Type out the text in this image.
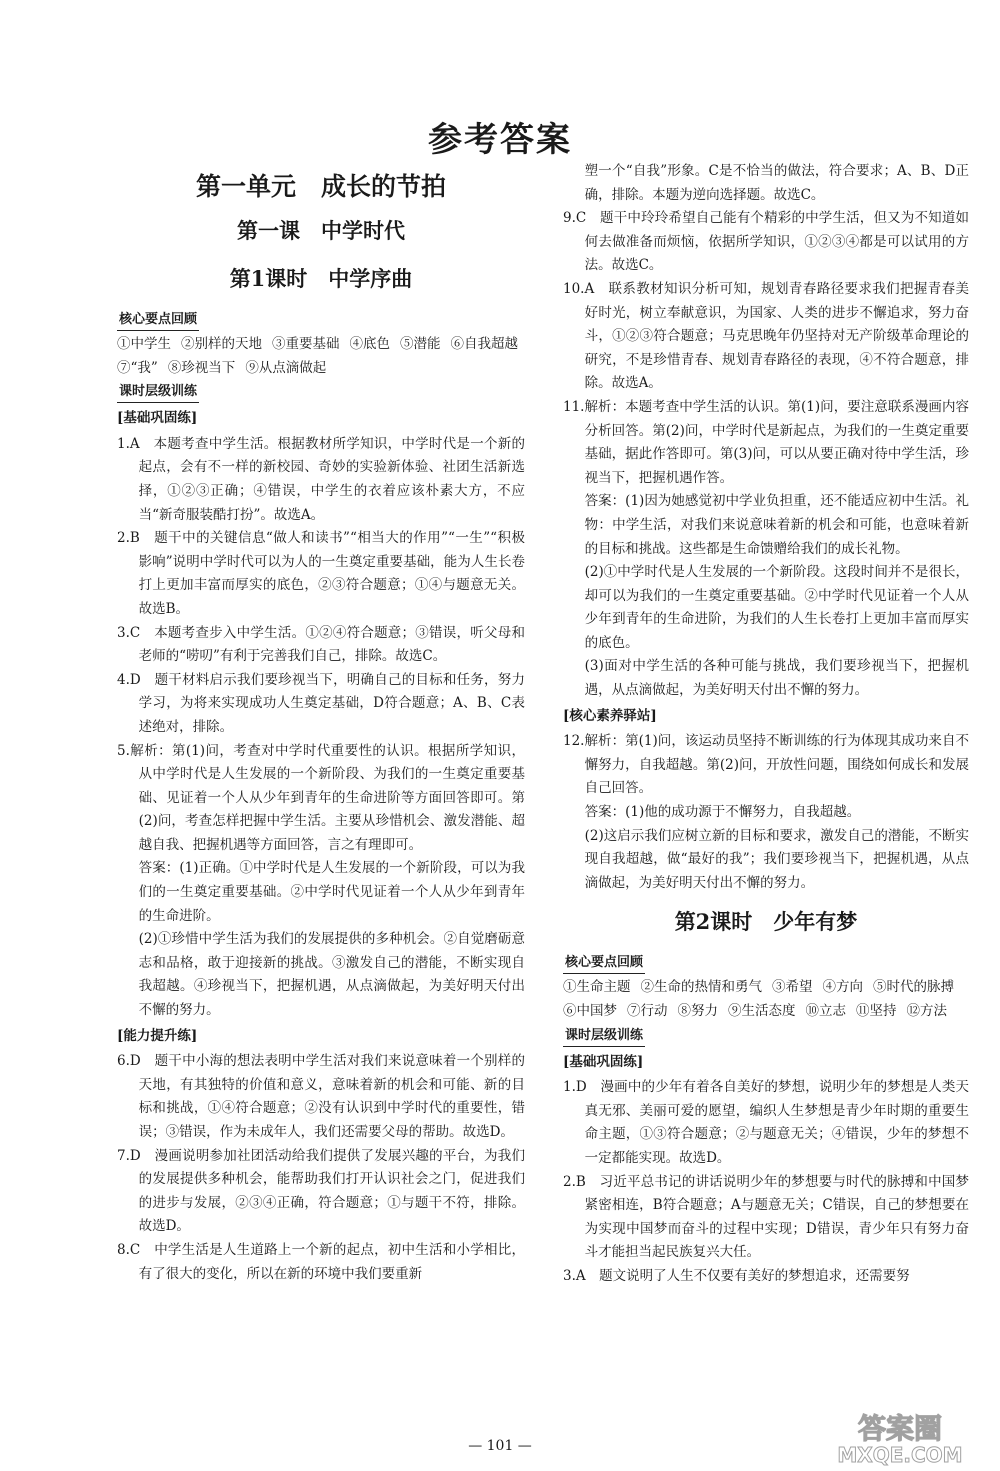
参考答案
第一单元　成长的节拍
第一课　中学时代
第1课时　中学序曲
核心要点回顾
①中学生 ②别样的天地 ③重要基础 ④底色 ⑤潜能 ⑥自我超越
⑦“我” ⑧珍视当下 ⑨从点滴做起
课时层级训练
[基础巩固练]

1.A　本题考查中学生活。根据教材所学知识，中学时代是一个新的起点，会有不一样的新校园、奇妙的实验新体验、社团生活新选择，①②③正确；④错误，中学生的衣着应该朴素大方，不应当“新奇服装酷打扮”。故选A。

2.B　题干中的关键信息“做人和读书”“相当大的作用”“一生”“积极影响”说明中学时代可以为人的一生奠定重要基础，能为人生长卷打上更加丰富而厚实的底色，②③符合题意；①④与题意无关。故选B。

3.C　本题考查步入中学生活。①②④符合题意；③错误，听父母和老师的“唠叨”有利于完善我们自己，排除。故选C。

4.D　题干材料启示我们要珍视当下，明确自己的目标和任务，努力学习，为将来实现成功人生奠定基础，D符合题意；A、B、C表述绝对，排除。

5.解析：第(1)问，考查对中学时代重要性的认识。根据所学知识，从中学时代是人生发展的一个新阶段、为我们的一生奠定重要基础、见证着一个人从少年到青年的生命进阶等方面回答即可。第(2)问，考查怎样把握中学生活。主要从珍惜机会、激发潜能、超越自我、把握机遇等方面回答，言之有理即可。

答案：(1)正确。①中学时代是人生发展的一个新阶段，可以为我们的一生奠定重要基础。②中学时代见证着一个人从少年到青年的生命进阶。

(2)①珍惜中学生活为我们的发展提供的多种机会。②自觉磨砺意志和品格，敢于迎接新的挑战。③激发自己的潜能，不断实现自我超越。④珍视当下，把握机遇，从点滴做起，为美好明天付出不懈的努力。

[能力提升练]

6.D　题干中小海的想法表明中学生活对我们来说意味着一个别样的天地，有其独特的价值和意义，意味着新的机会和可能、新的目标和挑战，①④符合题意；②没有认识到中学时代的重要性，错误；③错误，作为未成年人，我们还需要父母的帮助。故选D。

7.D　漫画说明参加社团活动给我们提供了发展兴趣的平台，为我们的发展提供多种机会，能帮助我们打开认识社会之门，促进我们的进步与发展，②③④正确，符合题意；①与题干不符，排除。故选D。

8.C　中学生活是人生道路上一个新的起点，初中生活和小学相比，有了很大的变化，所以在新的环境中我们要重新

塑一个“自我”形象。C是不恰当的做法，符合要求；A、B、D正确，排除。本题为逆向选择题。故选C。

9.C　题干中玲玲希望自己能有个精彩的中学生活，但又为不知道如何去做准备而烦恼，依据所学知识，①②③④都是可以试用的方法。故选C。

10.A　联系教材知识分析可知，规划青春路径要求我们把握青春美好时光，树立奉献意识，为国家、人类的进步不懈追求，努力奋斗，①②③符合题意；马克思晚年仍坚持对无产阶级革命理论的研究，不是珍惜青春、规划青春路径的表现，④不符合题意，排除。故选A。

11.解析：本题考查中学生活的认识。第(1)问，要注意联系漫画内容分析回答。第(2)问，中学时代是新起点，为我们的一生奠定重要基础，据此作答即可。第(3)问，可以从要正确对待中学生活，珍视当下，把握机遇作答。

答案：(1)因为她感觉初中学业负担重，还不能适应初中生活。礼物：中学生活，对我们来说意味着新的机会和可能，也意味着新的目标和挑战。这些都是生命馈赠给我们的成长礼物。

(2)①中学时代是人生发展的一个新阶段。这段时间并不是很长，却可以为我们的一生奠定重要基础。②中学时代见证着一个人从少年到青年的生命进阶，为我们的人生长卷打上更加丰富而厚实的底色。

(3)面对中学生活的各种可能与挑战，我们要珍视当下，把握机遇，从点滴做起，为美好明天付出不懈的努力。

[核心素养驿站]

12.解析：第(1)问，该运动员坚持不断训练的行为体现其成功来自不懈努力，自我超越。第(2)问，开放性问题，围绕如何成长和发展自己回答。

答案：(1)他的成功源于不懈努力，自我超越。

(2)这启示我们应树立新的目标和要求，激发自己的潜能，不断实现自我超越，做“最好的我”；我们要珍视当下，把握机遇，从点滴做起，为美好明天付出不懈的努力。

第2课时　少年有梦
核心要点回顾
①生命主题 ②生命的热情和勇气 ③希望 ④方向 ⑤时代的脉搏
⑥中国梦 ⑦行动 ⑧努力 ⑨生活态度 ⑩立志 ⑪坚持 ⑫方法
课时层级训练
[基础巩固练]

1.D　漫画中的少年有着各自美好的梦想，说明少年的梦想是人类天真无邪、美丽可爱的愿望，编织人生梦想是青少年时期的重要生命主题，①③符合题意；②与题意无关；④错误，少年的梦想不一定都能实现。故选D。

2.B　习近平总书记的讲话说明少年的梦想要与时代的脉搏和中国梦紧密相连，B符合题意；A与题意无关；C错误，自己的梦想要在为实现中国梦而奋斗的过程中实现；D错误，青少年只有努力奋斗才能担当起民族复兴大任。

3.A　题文说明了人生不仅要有美好的梦想追求，还需要努

— 101 —
答案圈
MXQE.COM
